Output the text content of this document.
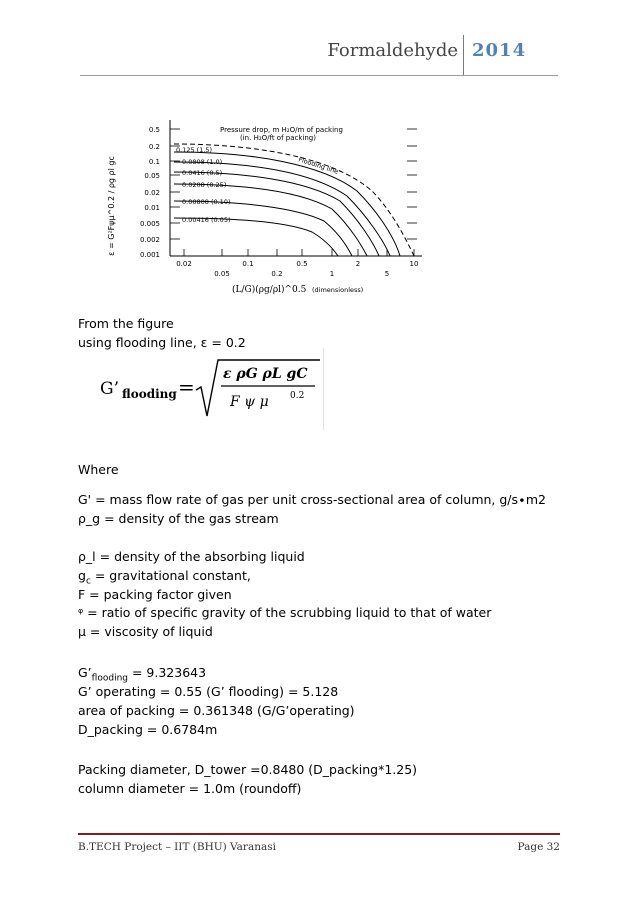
Formaldehyde 2014
ε = G²Fψμ^0.2 / ρg ρl gc
0.5
0.2
0.1
0.05
0.02
0.01
0.005
0.002
0.001
0.02	0.1	0.5	2	10
0.05	0.2	1	5
Pressure drop, m H₂O/m of packing
(in. H₂O/ft of packing)
0.125 (1.5)
0.0808 (1.0)
0.0416 (0.5)
0.0208 (0.25)
0.00808 (0.10)
0.00416 (0.05)
Flooding line
(L/G)(ρg/ρl)^0.5 (dimensionless)
From the figure
using flooding line, ε = 0.2
G’ flooding =
ε ρG ρL gC
F ψ μ 0.2
Where
G' = mass flow rate of gas per unit cross-sectional area of column, g/s∙m2
ρ_g = density of the gas stream
ρ_l = density of the absorbing liquid
$g_c$ = gravitational constant,
F = packing factor given
ᵠ = ratio of specific gravity of the scrubbing liquid to that of water
μ = viscosity of liquid
$G’_{flooding} = 9.323643$
G’ operating = 0.55 (G’ flooding) = 5.128
area of packing = 0.361348 (G/G’operating)
D_packing = 0.6784m
Packing diameter, D_tower =0.8480 (D_packing*1.25)
column diameter = 1.0m (roundoff)
B.TECH Project – IIT (BHU) Varanasi	Page 32
